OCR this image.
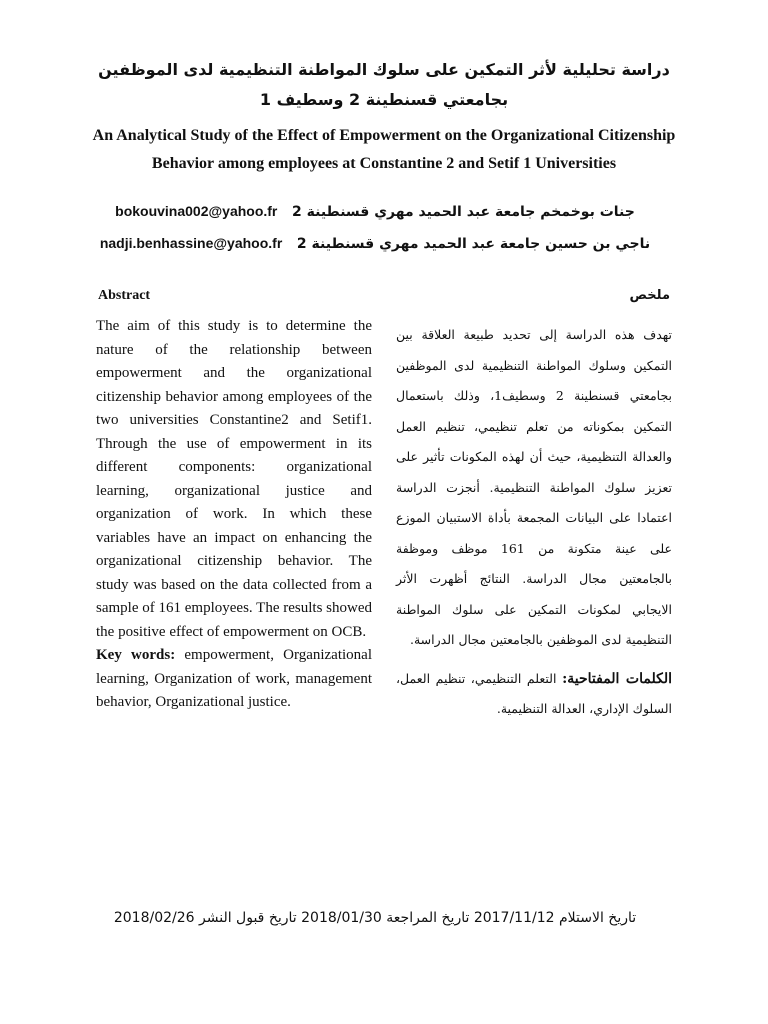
دراسة تحليلية لأثر التمكين على سلوك المواطنة التنظيمية لدى الموظفين
بجامعتي قسنطينة 2 وسطيف 1
An Analytical Study of the Effect of Empowerment on the Organizational Citizenship Behavior among employees at Constantine 2 and Setif 1 Universities
bokouvina002@yahoo.fr جنات بوخمخم جامعة عبد الحميد مهري قسنطينة 2
nadji.benhassine@yahoo.fr ناجي بن حسين جامعة عبد الحميد مهري قسنطينة 2
Abstract	ملخص

The aim of this study is to determine the nature of the relationship between empowerment and the organizational citizenship behavior among employees of the two universities Constantine2 and Setif1. Through the use of empowerment in its different components: organizational learning, organizational justice and organization of work. In which these variables have an impact on enhancing the organizational citizenship behavior. The study was based on the data collected from a sample of 161 employees. The results showed the positive effect of empowerment on OCB.

Key words: empowerment, Organizational learning, Organization of work, management behavior, Organizational justice.

تهدف هذه الدراسة إلى تحديد طبيعة العلاقة بين التمكين وسلوك المواطنة التنظيمية لدى الموظفين بجامعتي قسنطينة 2 وسطيف1، وذلك باستعمال التمكين بمكوناته من تعلم تنظيمي، تنظيم العمل والعدالة التنظيمية، حيث أن لهذه المكونات تأثير على تعزيز سلوك المواطنة التنظيمية. أنجزت الدراسة اعتمادا على البيانات المجمعة بأداة الاستبيان الموزع على عينة متكونة من 161 موظف وموظفة بالجامعتين مجال الدراسة. النتائج أظهرت الأثر الايجابي لمكونات التمكين على سلوك المواطنة التنظيمية لدى الموظفين بالجامعتين مجال الدراسة.

الكلمات المفتاحية: التعلم التنظيمي، تنظيم العمل، السلوك الإداري، العدالة التنظيمية.

تاريخ الاستلام 2017/11/12 تاريخ المراجعة 2018/01/30 تاريخ قبول النشر 2018/02/26
